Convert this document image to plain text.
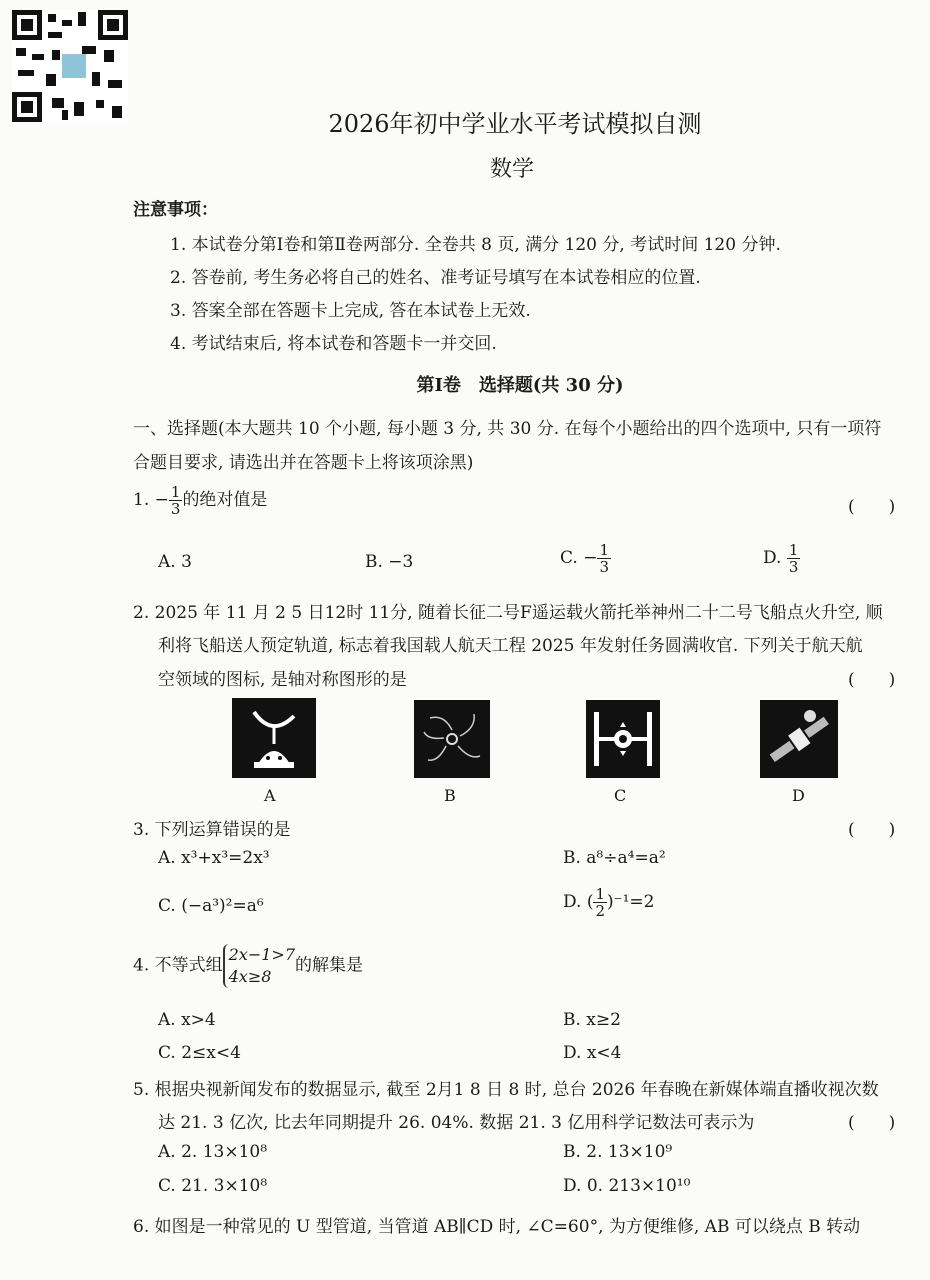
2026年初中学业水平考试模拟自测
数学
注意事项：
1. 本试卷分第Ⅰ卷和第Ⅱ卷两部分. 全卷共 8 页, 满分 120 分, 考试时间 120 分钟.
2. 答卷前, 考生务必将自己的姓名、准考证号填写在本试卷相应的位置.
3. 答案全部在答题卡上完成, 答在本试卷上无效.
4. 考试结束后, 将本试卷和答题卡一并交回.
第Ⅰ卷　选择题(共 30 分)
一、选择题(本大题共 10 个小题, 每小题 3 分, 共 30 分. 在每个小题给出的四个选项中, 只有一项符
合题目要求, 请选出并在答题卡上将该项涂黑)
1. − $\frac{1}{3}$ 的绝对值是	(　　)
A. 3	B. −3	C. − $\frac{1}{3}$	D. $\frac{1}{3}$
2. 2025 年 11 月 2 5 日12时 11分, 随着长征二号F遥运载火箭托举神州二十二号飞船点火升空, 顺
利将飞船送人预定轨道, 标志着我国载人航天工程 2025 年发射任务圆满收官. 下列关于航天航
空领域的图标, 是轴对称图形的是	(　　)
A	B	C	D
3. 下列运算错误的是	(　　)
A. x³+x³=2x³	B. a⁸÷a⁴=a²
C. (−a³)²=a⁶	D. ( $\frac{1}{2} )^{-1}=2$
4. 不等式组2x−1>7
4x≥8的解集是
A. x>4	B. x≥2
C. 2≤x<4	D. x<4
5. 根据央视新闻发布的数据显示, 截至 2月1 8 日 8 时, 总台 2026 年春晚在新媒体端直播收视次数
达 21. 3 亿次, 比去年同期提升 26. 04%. 数据 21. 3 亿用科学记数法可表示为	(　　)
A. 2. 13×10⁸	B. 2. 13×10⁹
C. 21. 3×10⁸	D. 0. 213×10¹⁰
6. 如图是一种常见的 U 型管道, 当管道 AB∥CD 时, ∠C=60°, 为方便维修, AB 可以绕点 B 转动
